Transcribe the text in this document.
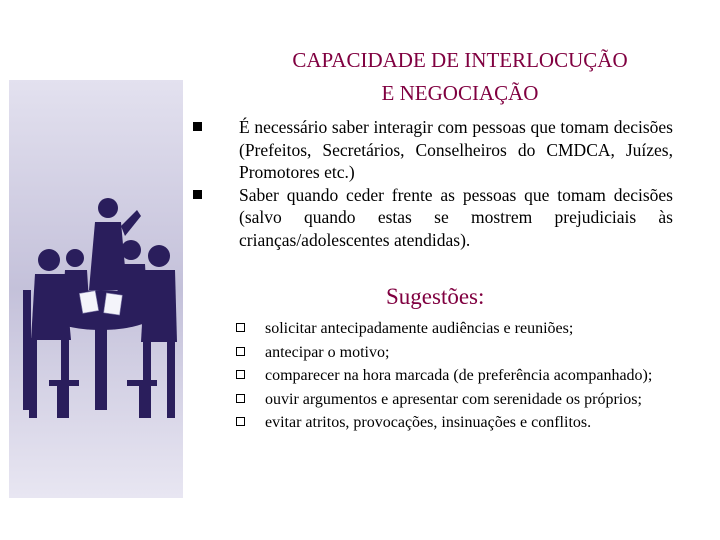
CAPACIDADE DE INTERLOCUÇÃO
E NEGOCIAÇÃO
É necessário saber interagir com pessoas que tomam decisões (Prefeitos, Secretários, Conselheiros do CMDCA, Juízes, Promotores etc.)
Saber quando ceder frente as pessoas que tomam decisões (salvo quando estas se mostrem prejudiciais às crianças/adolescentes atendidas).
Sugestões:
solicitar antecipadamente audiências e reuniões;
antecipar o motivo;
comparecer na hora marcada (de preferência acompanhado);
ouvir argumentos e apresentar com serenidade os próprios;
evitar atritos, provocações, insinuações e conflitos.
